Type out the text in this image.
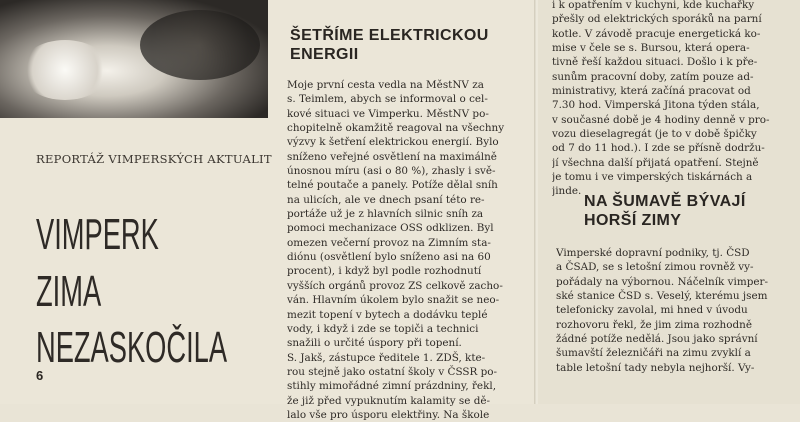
REPORTÁŽ VIMPERSKÝCH AKTUALIT
VIMPERK
ZIMA
NEZASKOČILA
6
ŠETŘÍME ELEKTRICKOU
ENERGII
Moje první cesta vedla na MěstNV za
s. Teimlem, abych se informoval o cel-
kové situaci ve Vimperku. MěstNV po-
chopitelně okamžitě reagoval na všechny
výzvy k šetření elektrickou energií. Bylo
sníženo veřejné osvětlení na maximálně
únosnou míru (asi o 80 %), zhasly i svě-
telné poutače a panely. Potíže dělal sníh
na ulicích, ale ve dnech psaní této re-
portáže už je z hlavních silnic sníh za
pomoci mechanizace OSS odklizen. Byl
omezen večerní provoz na Zimním sta-
diónu (osvětlení bylo sníženo asi na 60
procent), i když byl podle rozhodnutí
vyšších orgánů provoz ZS celkově zacho-
ván. Hlavním úkolem bylo snažit se neo-
mezit topení v bytech a dodávku teplé
vody, i když i zde se topiči a technici
snažili o určité úspory při topení.
S. Jakš, zástupce ředitele 1. ZDŠ, kte-
rou stejně jako ostatní školy v ČSSR po-
stihly mimořádné zimní prázdniny, řekl,
že již před vypuknutím kalamity se dě-
lalo vše pro úsporu elektřiny. Na škole
i k opatřením v kuchyni, kde kuchařky
přešly od elektrických sporáků na parní
kotle. V závodě pracuje energetická ko-
mise v čele se s. Bursou, která opera-
tivně řeší každou situaci. Došlo i k pře-
sunům pracovní doby, zatím pouze ad-
ministrativy, která začíná pracovat od
7.30 hod. Vimperská Jitona týden stála,
v současné době je 4 hodiny denně v pro-
vozu dieselagregát (je to v době špičky
od 7 do 11 hod.). I zde se přísně dodržu-
jí všechna další přijatá opatření. Stejně
je tomu i ve vimperských tiskárnách a
jinde.
NA ŠUMAVĚ BÝVAJÍ
HORŠÍ ZIMY
Vimperské dopravní podniky, tj. ČSD
a ČSAD, se s letošní zimou rovněž vy-
pořádaly na výbornou. Náčelník vimper-
ské stanice ČSD s. Veselý, kterému jsem
telefonicky zavolal, mi hned v úvodu
rozhovoru řekl, že jim zima rozhodně
žádné potíže nedělá. Jsou jako správní
šumavští železničáři na zimu zvyklí a
table letošní tady nebyla nejhorší. Vy-
